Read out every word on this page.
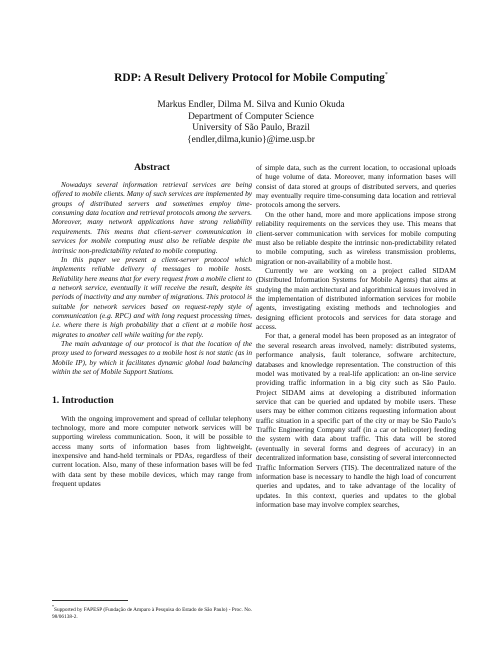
RDP: A Result Delivery Protocol for Mobile Computing*
Markus Endler, Dilma M. Silva and Kunio Okuda
Department of Computer Science
University of São Paulo, Brazil
{endler,dilma,kunio}@ime.usp.br
Abstract

Nowadays several information retrieval services are being offered to mobile clients. Many of such services are implemented by groups of distributed servers and sometimes employ time-consuming data location and retrieval protocols among the servers. Moreover, many network applications have strong reliability requirements. This means that client-server communication in services for mobile computing must also be reliable despite the intrinsic non-predictability related to mobile computing.

In this paper we present a client-server protocol which implements reliable delivery of messages to mobile hosts. Reliability here means that for every request from a mobile client to a network service, eventually it will receive the result, despite its periods of inactivity and any number of migrations. This protocol is suitable for network services based on request-reply style of communication (e.g. RPC) and with long request processing times, i.e. where there is high probability that a client at a mobile host migrates to another cell while waiting for the reply.

The main advantage of our protocol is that the location of the proxy used to forward messages to a mobile host is not static (as in Mobile IP), by which it facilitates dynamic global load balancing within the set of Mobile Support Stations.

1. Introduction

With the ongoing improvement and spread of cellular telephony technology, more and more computer network services will be supporting wireless communication. Soon, it will be possible to access many sorts of information bases from lightweight, inexpensive and hand-held terminals or PDAs, regardless of their current location. Also, many of these information bases will be fed with data sent by these mobile devices, which may range from frequent updates

*Supported by FAPESP (Fundação de Amparo à Pesquisa do Estado de São Paulo) - Proc. No. 98/06138-2.

of simple data, such as the current location, to occasional uploads of huge volume of data. Moreover, many information bases will consist of data stored at groups of distributed servers, and queries may eventually require time-consuming data location and retrieval protocols among the servers.

On the other hand, more and more applications impose strong reliability requirements on the services they use. This means that client-server communication with services for mobile computing must also be reliable despite the intrinsic non-predictability related to mobile computing, such as wireless transmission problems, migration or non-availability of a mobile host.

Currently we are working on a project called SIDAM (Distributed Information Systems for Mobile Agents) that aims at studying the main architectural and algorithmical issues involved in the implementation of distributed information services for mobile agents, investigating existing methods and technologies and designing efficient protocols and services for data storage and access.

For that, a general model has been proposed as an integrator of the several research areas involved, namely: distributed systems, performance analysis, fault tolerance, software architecture, databases and knowledge representation. The construction of this model was motivated by a real-life application: an on-line service providing traffic information in a big city such as São Paulo. Project SIDAM aims at developing a distributed information service that can be queried and updated by mobile users. These users may be either common citizens requesting information about traffic situation in a specific part of the city or may be São Paulo’s Traffic Engineering Company staff (in a car or helicopter) feeding the system with data about traffic. This data will be stored (eventually in several forms and degrees of accuracy) in an decentralized information base, consisting of several interconnected Traffic Information Servers (TIS). The decentralized nature of the information base is necessary to handle the high load of concurrent queries and updates, and to take advantage of the locality of updates. In this context, queries and updates to the global information base may involve complex searches,
